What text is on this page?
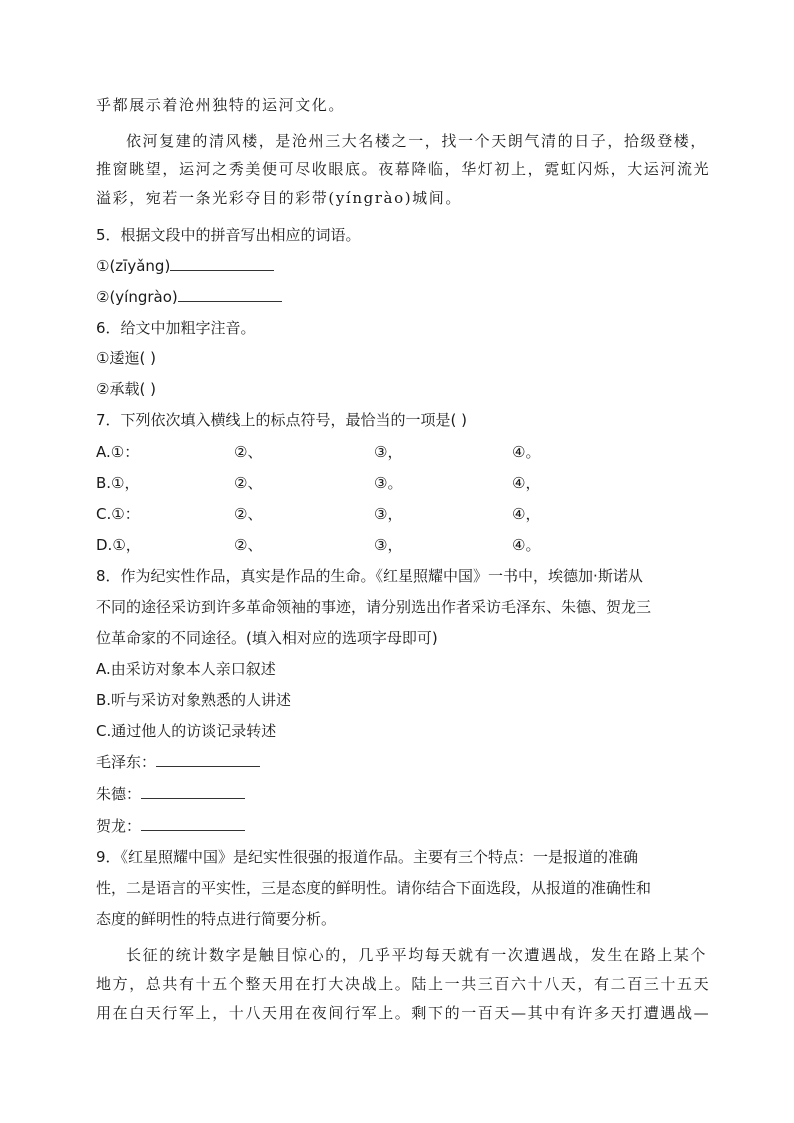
乎都展示着沧州独特的运河文化。
依河复建的清风楼，是沧州三大名楼之一，找一个天朗气清的日子，拾级登楼，
推窗眺望，运河之秀美便可尽收眼底。夜幕降临，华灯初上，霓虹闪烁，大运河流光
溢彩，宛若一条光彩夺目的彩带(yíngrào)城间。
5．根据文段中的拼音写出相应的词语。
①(zīyǎng)
②(yíngrào)
6．给文中加粗字注音。
①逶迤( )
②承载( )
7．下列依次填入横线上的标点符号，最恰当的一项是( )
A.①：	②、	③，	④。
B.①，	②、	③。	④，
C.①：	②、	③，	④，
D.①，	②、	③，	④。
8．作为纪实性作品，真实是作品的生命。《红星照耀中国》一书中，埃德加·斯诺从
不同的途径采访到许多革命领袖的事迹，请分别选出作者采访毛泽东、朱德、贺龙三
位革命家的不同途径。(填入相对应的选项字母即可)
A.由采访对象本人亲口叙述
B.听与采访对象熟悉的人讲述
C.通过他人的访谈记录转述
毛泽东：
朱德：
贺龙：
9．《红星照耀中国》是纪实性很强的报道作品。主要有三个特点：一是报道的准确
性，二是语言的平实性，三是态度的鲜明性。请你结合下面选段，从报道的准确性和
态度的鲜明性的特点进行简要分析。
长征的统计数字是触目惊心的，几乎平均每天就有一次遭遇战，发生在路上某个
地方，总共有十五个整天用在打大决战上。陆上一共三百六十八天，有二百三十五天
用在白天行军上，十八天用在夜间行军上。剩下的一百天—其中有许多天打遭遇战—
